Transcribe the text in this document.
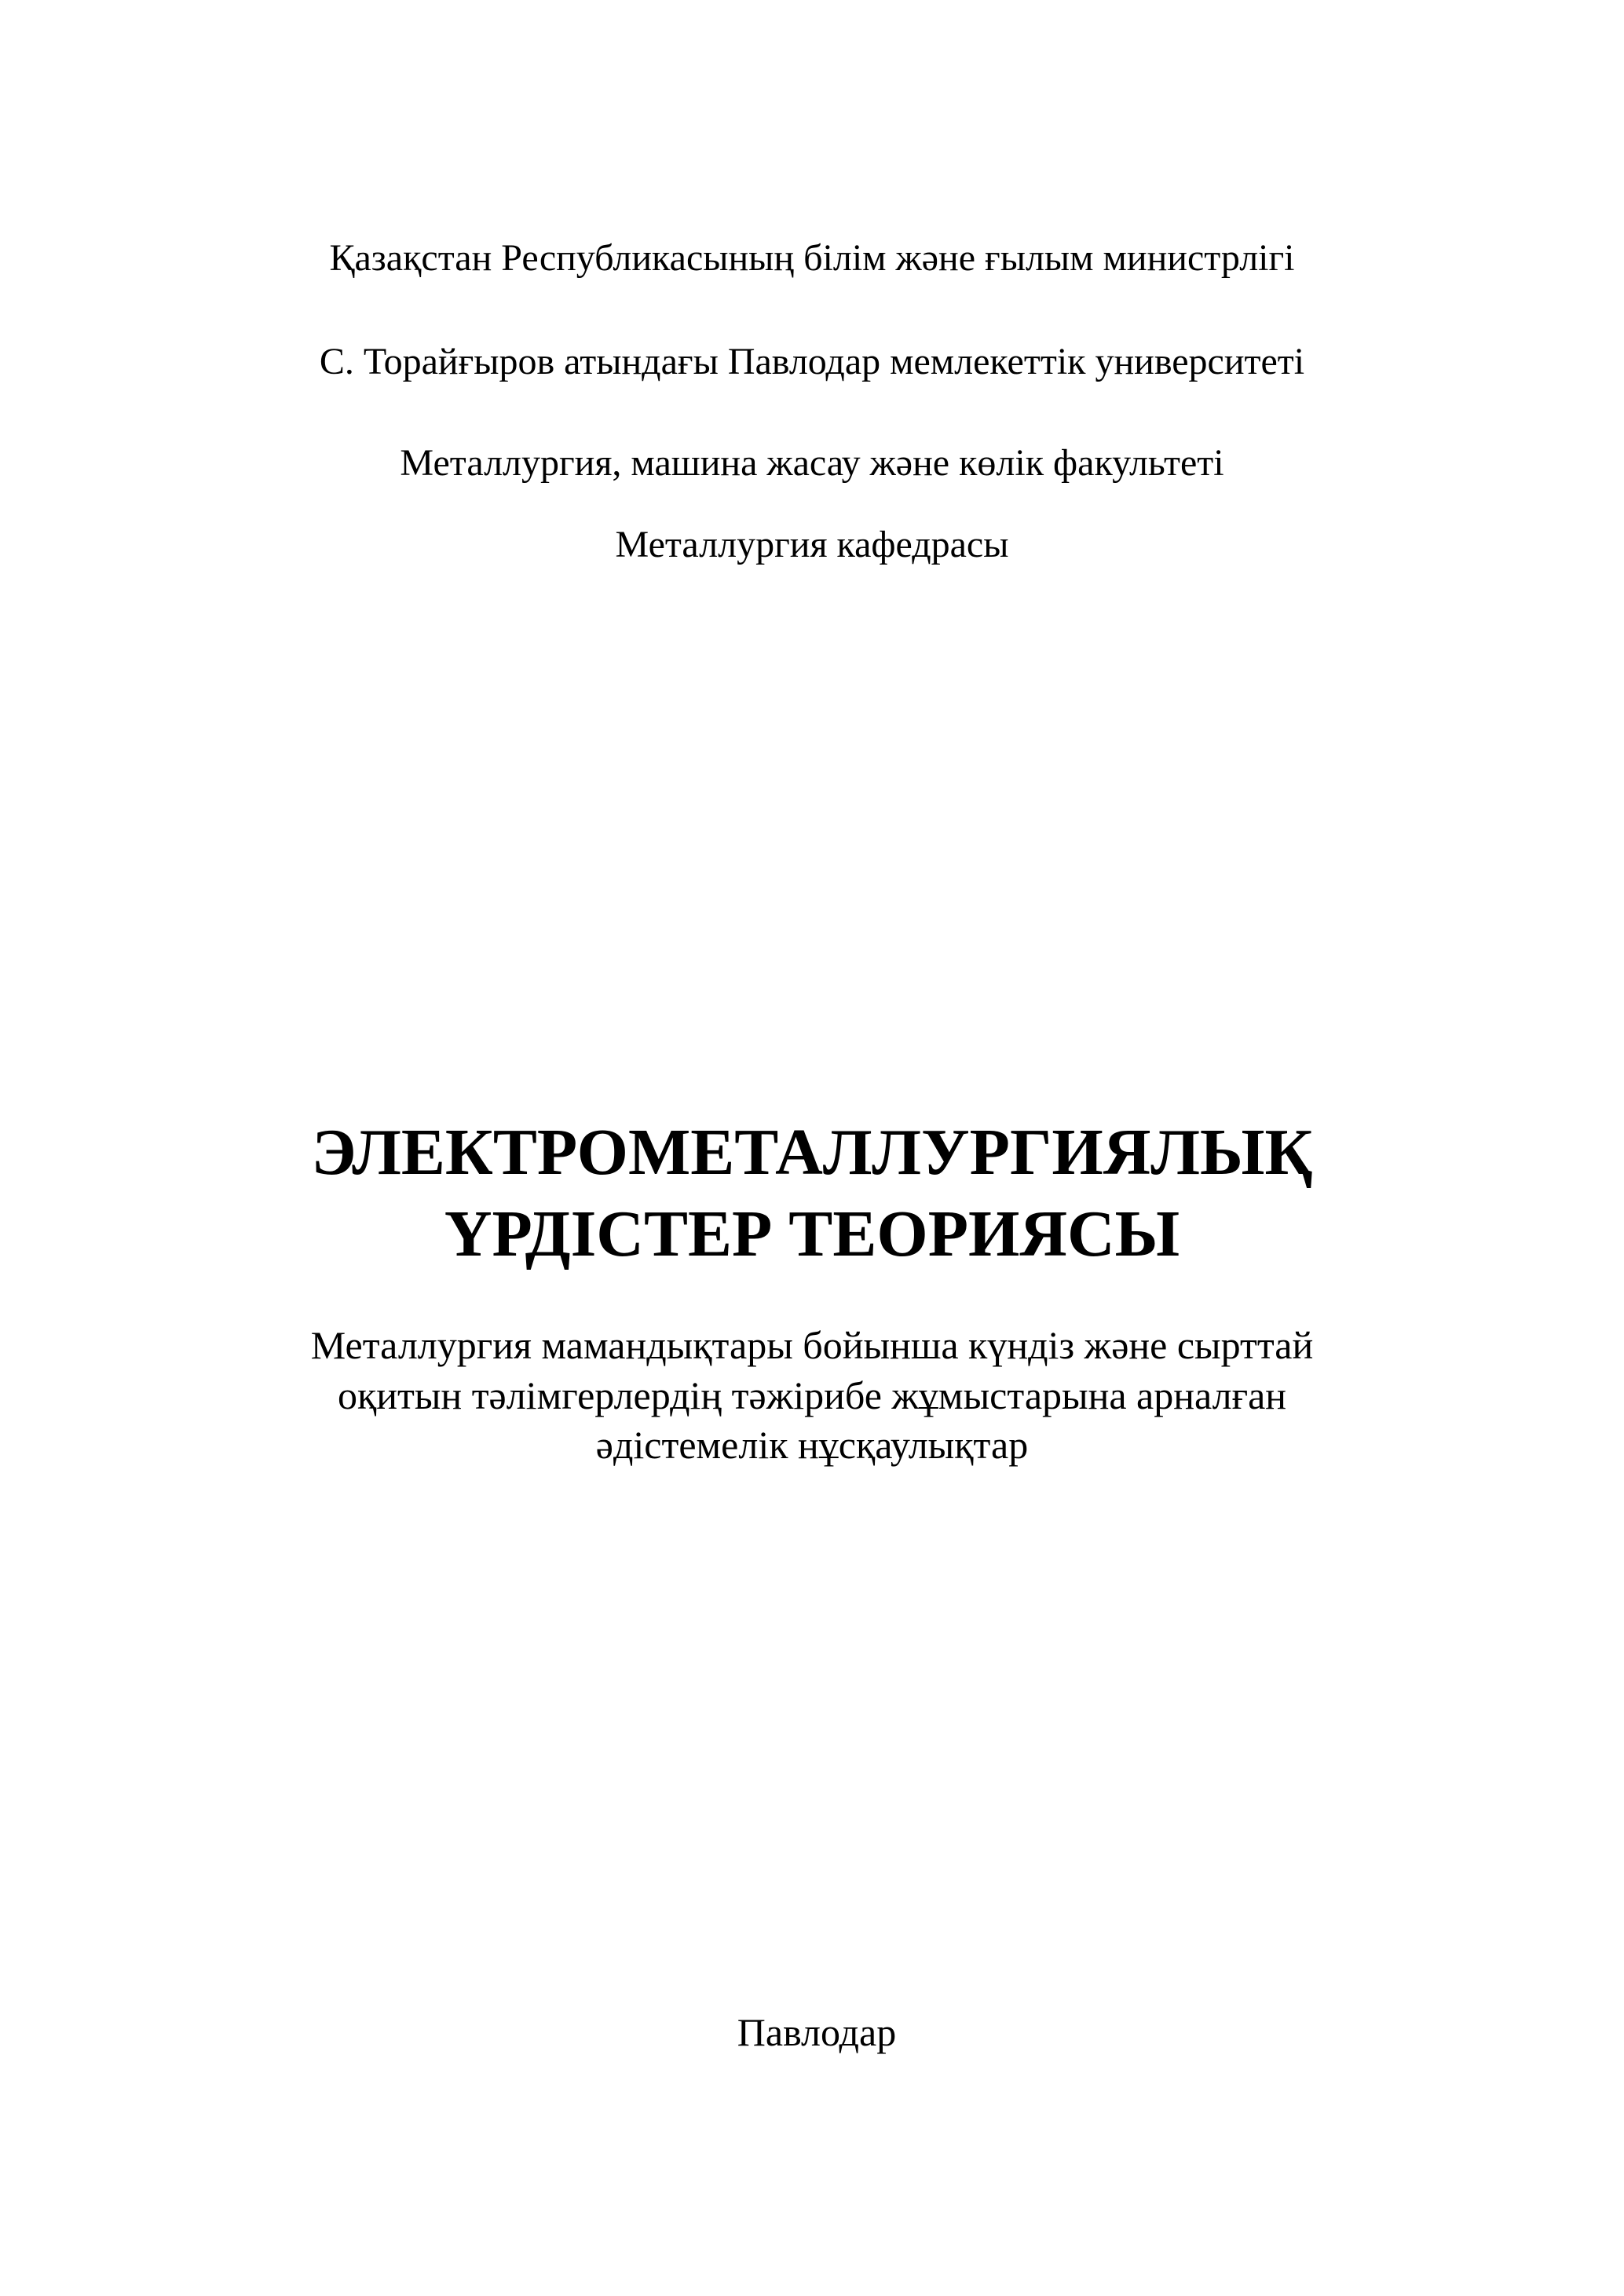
Қазақстан Республикасының білім және ғылым министрлігі
С. Торайғыров атындағы Павлодар мемлекеттік университеті
Металлургия, машина жасау және көлік факультеті
Металлургия кафедрасы
ЭЛЕКТРОМЕТАЛЛУРГИЯЛЫҚ
ҮРДІСТЕР ТЕОРИЯСЫ
Металлургия мамандықтары бойынша күндіз және сырттай
оқитын тәлімгерлердің тәжірибе жұмыстарына арналған
әдістемелік нұсқаулықтар
Павлодар
